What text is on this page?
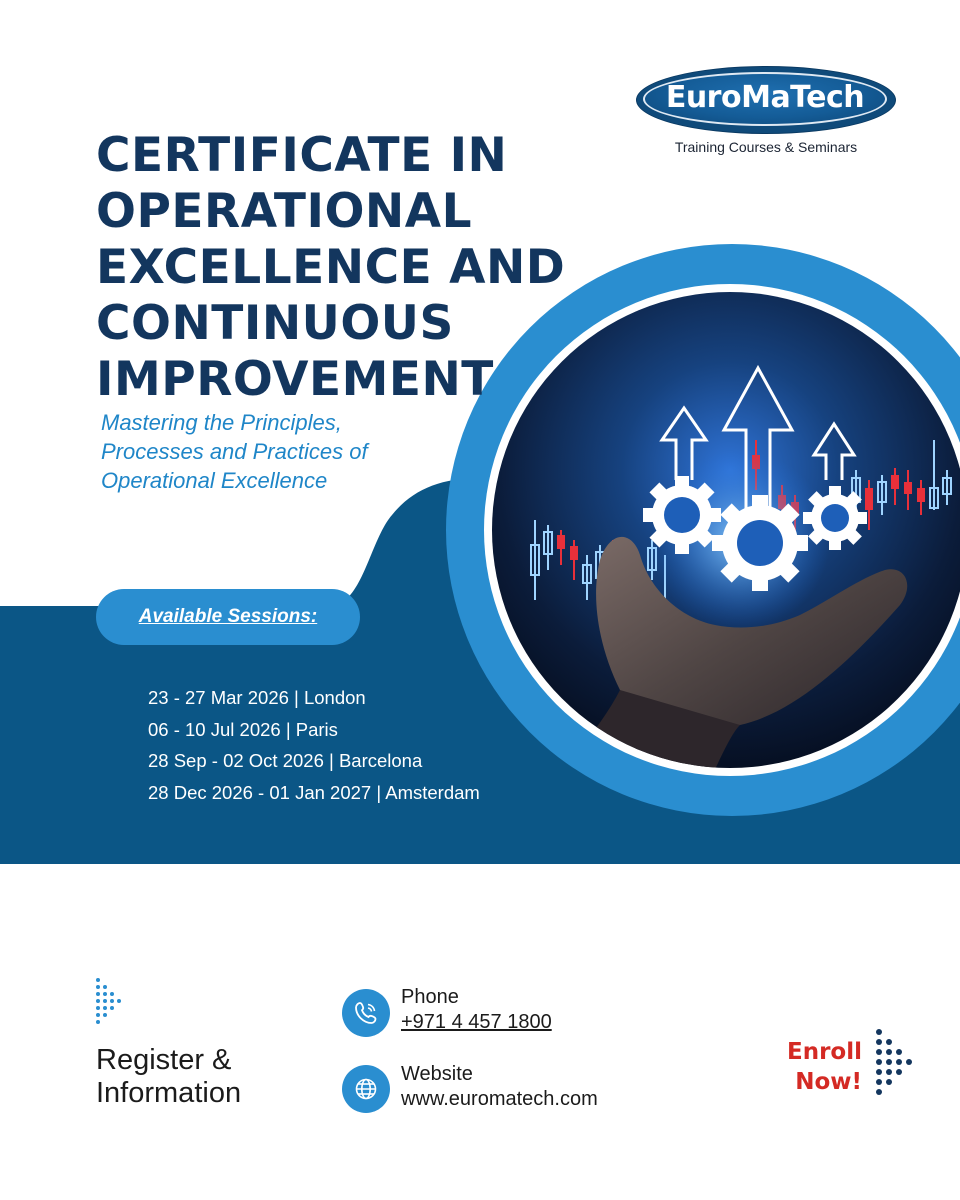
EuroMaTech
Training Courses & Seminars
CERTIFICATE IN
OPERATIONAL
EXCELLENCE AND
CONTINUOUS
IMPROVEMENT
Mastering the Principles,
Processes and Practices of
Operational Excellence
Available Sessions:
23 - 27 Mar 2026 | London
06 - 10 Jul 2026 | Paris
28 Sep - 02 Oct 2026 | Barcelona
28 Dec 2026 - 01 Jan 2027 | Amsterdam
Register &
Information
Phone
+971 4 457 1800
Website
www.euromatech.com
Enroll
Now!
